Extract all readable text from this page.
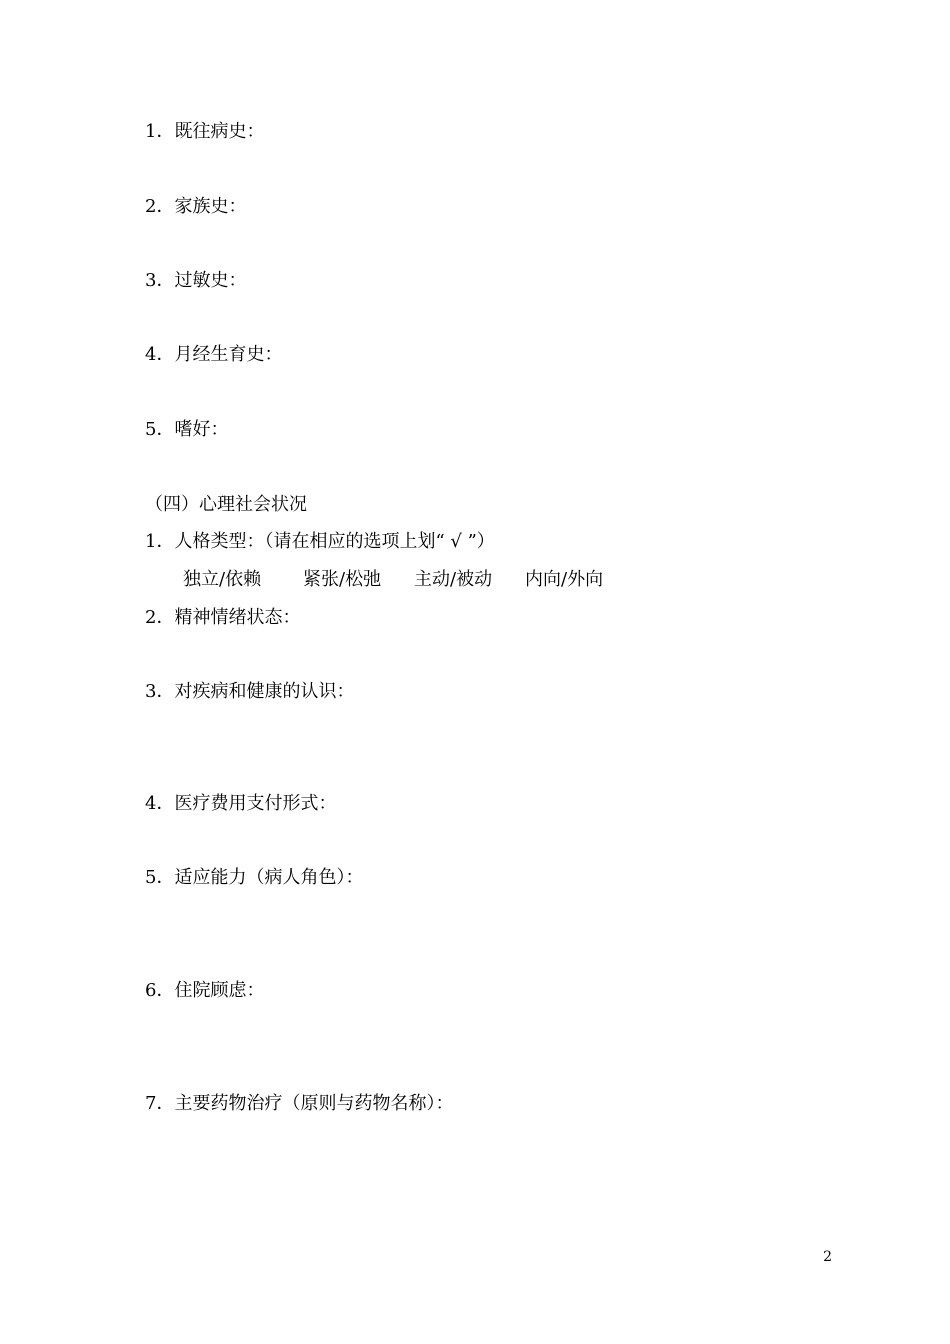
1．既往病史：
2．家族史：
3．过敏史：
4．月经生育史：
5．嗜好：
（四）心理社会状况
1．人格类型：（请在相应的选项上划“ √ ”）

独立/依赖

紧张/松弛

主动/被动

内向/外向

2．精神情绪状态：
3．对疾病和健康的认识：
4．医疗费用支付形式：
5．适应能力（病人角色）：
6．住院顾虑：
7．主要药物治疗（原则与药物名称）：
2
